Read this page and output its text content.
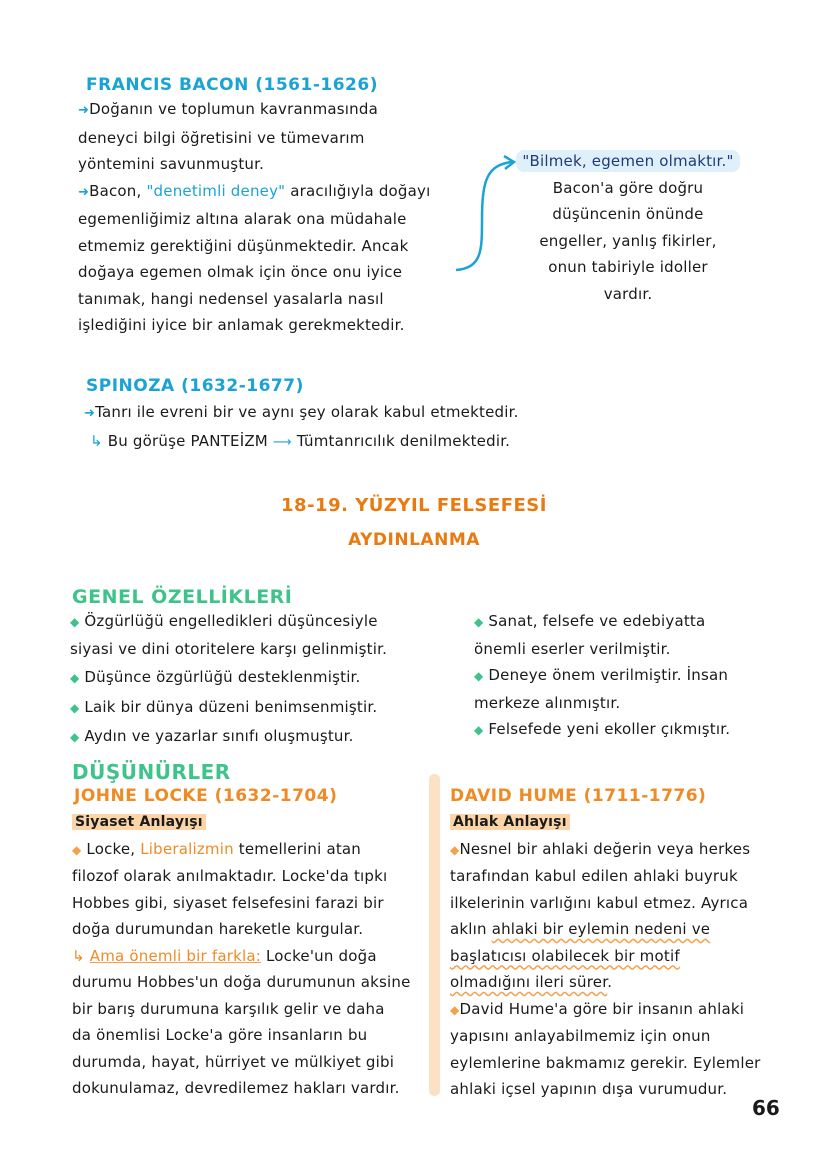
FRANCIS BACON (1561-1626)
➜Doğanın ve toplumun kavranmasında
deneyci bilgi öğretisini ve tümevarım
yöntemini savunmuştur.
➜Bacon, "denetimli deney" aracılığıyla doğayı
egemenliğimiz altına alarak ona müdahale
etmemiz gerektiğini düşünmektedir. Ancak
doğaya egemen olmak için önce onu iyice
tanımak, hangi nedensel yasalarla nasıl
işlediğini iyice bir anlamak gerekmektedir.
"Bilmek, egemen olmaktır."
Bacon'a göre doğru
düşüncenin önünde
engeller, yanlış fikirler,
onun tabiriyle idoller
vardır.
SPINOZA (1632-1677)
➜Tanrı ile evreni bir ve aynı şey olarak kabul etmektedir.
↳ Bu görüşe PANTEİZM ⟶ Tümtanrıcılık denilmektedir.
18-19. YÜZYIL FELSEFESİ
AYDINLANMA
GENEL ÖZELLİKLERİ
◆ Özgürlüğü engelledikleri düşüncesiyle
siyasi ve dini otoritelere karşı gelinmiştir.
◆ Düşünce özgürlüğü desteklenmiştir.
◆ Laik bir dünya düzeni benimsenmiştir.
◆ Aydın ve yazarlar sınıfı oluşmuştur.
◆ Sanat, felsefe ve edebiyatta
önemli eserler verilmiştir.
◆ Deneye önem verilmiştir. İnsan
merkeze alınmıştır.
◆ Felsefede yeni ekoller çıkmıştır.
DÜŞÜNÜRLER
JOHNE LOCKE (1632-1704)
Siyaset Anlayışı
◆ Locke, Liberalizmin temellerini atan
filozof olarak anılmaktadır. Locke'da tıpkı
Hobbes gibi, siyaset felsefesini farazi bir
doğa durumundan hareketle kurgular.
↳ Ama önemli bir farkla: Locke'un doğa
durumu Hobbes'un doğa durumunun aksine
bir barış durumuna karşılık gelir ve daha
da önemlisi Locke'a göre insanların bu
durumda, hayat, hürriyet ve mülkiyet gibi
dokunulamaz, devredilemez hakları vardır.
DAVID HUME (1711-1776)
Ahlak Anlayışı
◆Nesnel bir ahlaki değerin veya herkes
tarafından kabul edilen ahlaki buyruk
ilkelerinin varlığını kabul etmez. Ayrıca
aklın ahlaki bir eylemin nedeni ve
başlatıcısı olabilecek bir motif
olmadığını ileri sürer.
◆David Hume'a göre bir insanın ahlaki
yapısını anlayabilmemiz için onun
eylemlerine bakmamız gerekir. Eylemler
ahlaki içsel yapının dışa vurumudur.
66
